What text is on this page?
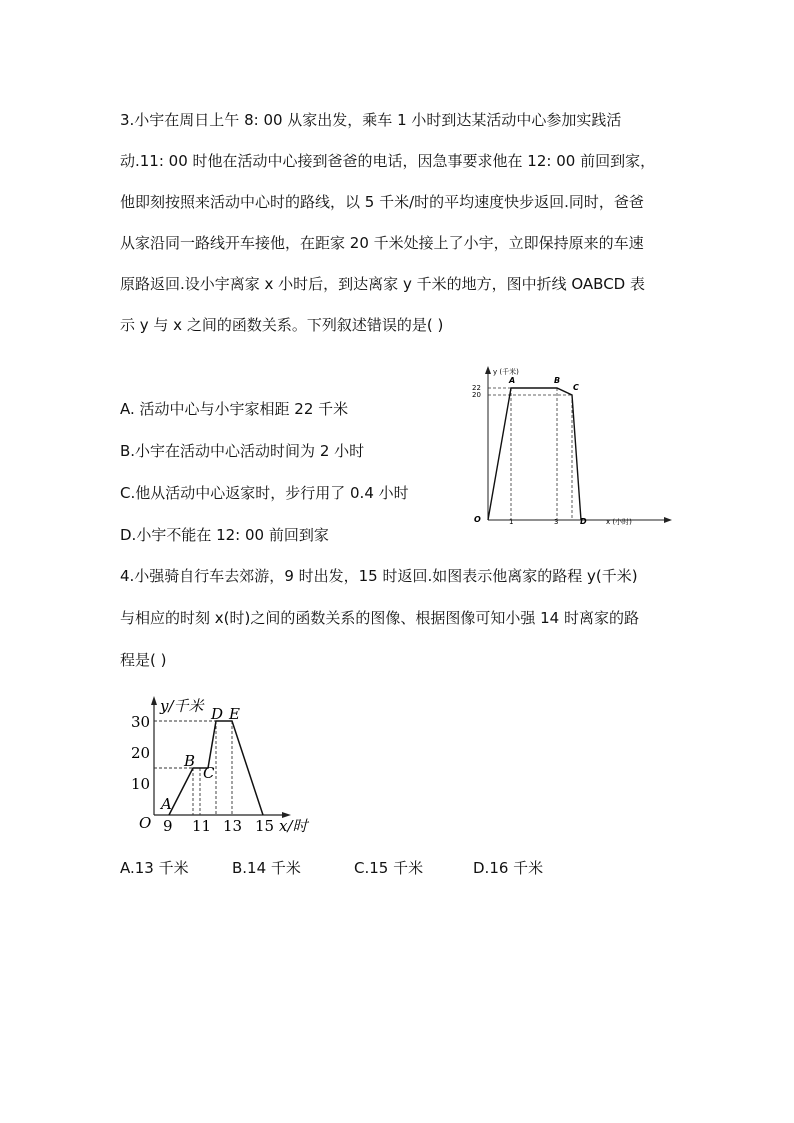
3.小宇在周日上午 8: 00 从家出发，乘车 1 小时到达某活动中心参加实践活
动.11: 00 时他在活动中心接到爸爸的电话，因急事要求他在 12: 00 前回到家，
他即刻按照来活动中心时的路线，以 5 千米/时的平均速度快步返回.同时，爸爸
从家沿同一路线开车接他，在距家 20 千米处接上了小宇，立即保持原来的车速
原路返回.设小宇离家 x 小时后，到达离家 y 千米的地方，图中折线 OABCD 表
示 y 与 x 之间的函数关系。下列叙述错误的是( )
A. 活动中心与小宇家相距 22 千米
B.小宇在活动中心活动时间为 2 小时
C.他从活动中心返家时，步行用了 0.4 小时
D.小宇不能在 12: 00 前回到家
y (千米)
x (小时)
O
22
20
1	3
A	B
C
D
4.小强骑自行车去郊游，9 时出发，15 时返回.如图表示他离家的路程 y(千米)
与相应的时刻 x(时)之间的函数关系的图像、根据图像可知小强 14 时离家的路
程是( )
y/千米
x/时
O
30
20
10
9 11 13 15
A
B
C
D E
A.13 千米	B.14 千米	C.15 千米	D.16 千米
